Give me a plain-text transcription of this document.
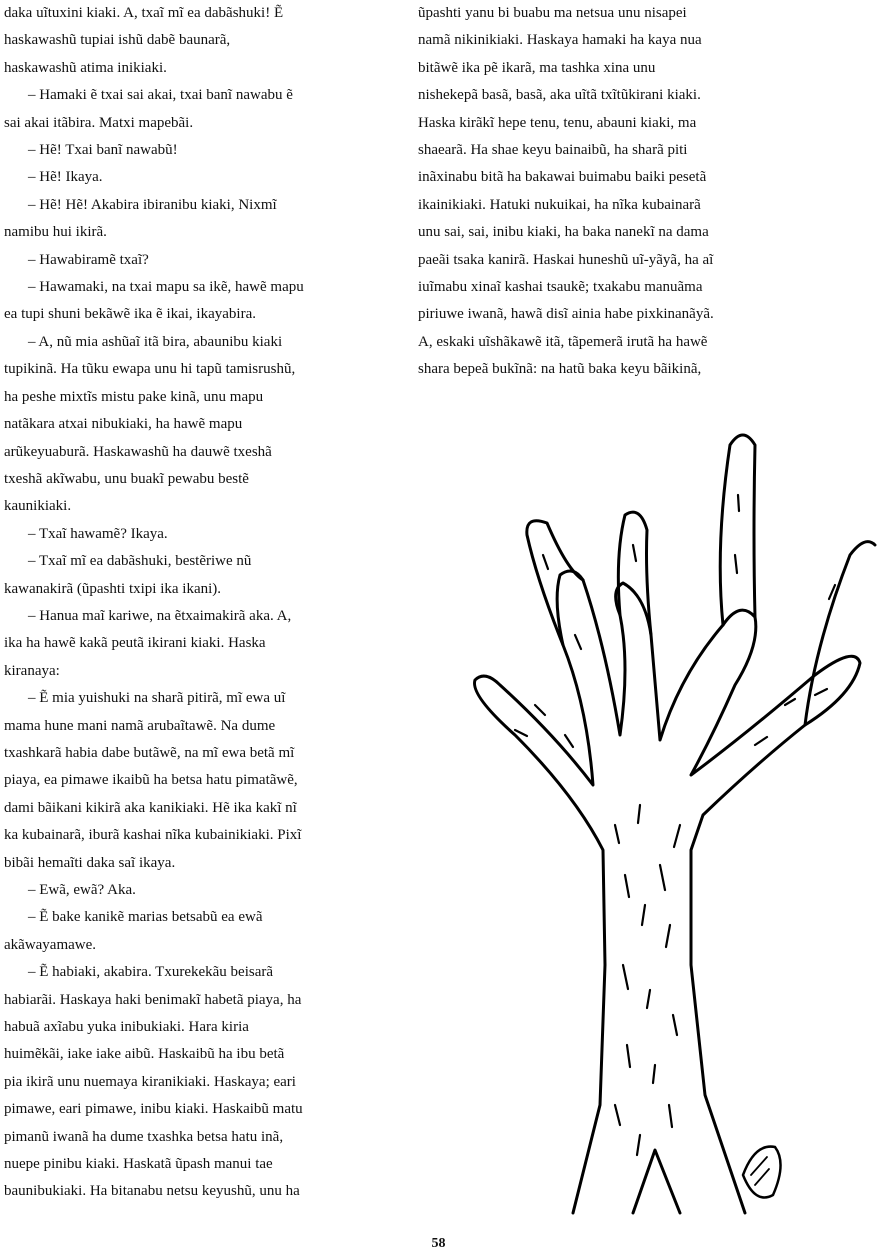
daka uĩtuxini kiaki. A, txaĩ mĩ ea dabãshuki! Ẽ

haskawashũ tupiai ishũ dabẽ baunarã,

haskawashũ atima inikiaki.

– Hamaki ẽ txai sai akai, txai banĩ nawabu ẽ

sai akai itãbira. Matxi mapebãi.

– Hẽ! Txai banĩ nawabũ!

– Hẽ! Ikaya.

– Hẽ! Hẽ! Akabira ibiranibu kiaki, Nixmĩ

namibu hui ikirã.

– Hawabiramẽ txaĩ?

– Hawamaki, na txai mapu sa ikẽ, hawẽ mapu

ea tupi shuni bekãwẽ ika ẽ ikai, ikayabira.

– A, nũ mia ashũaĩ itã bira, abaunibu kiaki

tupikinã. Ha tũku ewapa unu hi tapũ tamisrushũ,

ha peshe mixtĩs mistu pake kinã, unu mapu

natãkara atxai nibukiaki, ha hawẽ mapu

arũkeyuaburã. Haskawashũ ha dauwẽ txeshã

txeshã akĩwabu, unu buakĩ pewabu bestẽ

kaunikiaki.

– Txaĩ hawamẽ? Ikaya.

– Txaĩ mĩ ea dabãshuki, bestẽriwe nũ

kawanakirã (ũpashti txipi ika ikani).

– Hanua maĩ kariwe, na ẽtxaimakirã aka. A,

ika ha hawẽ kakã peutã ikirani kiaki. Haska

kiranaya:

– Ẽ mia yuishuki na sharã pitirã, mĩ ewa uĩ

mama hune mani namã arubaĩtawẽ. Na dume

txashkarã habia dabe butãwẽ, na mĩ ewa betã mĩ

piaya, ea pimawe ikaibũ ha betsa hatu pimatãwẽ,

dami bãikani kikirã aka kanikiaki. Hẽ ika kakĩ nĩ

ka kubainarã, iburã kashai nĩka kubainikiaki. Pixĩ

bibãi hemaĩti daka saĩ ikaya.

– Ewã, ewã? Aka.

– Ẽ bake kanikẽ marias betsabũ ea ewã

akãwayamawe.

– Ẽ habiaki, akabira. Txurekekãu beisarã

habiarãi. Haskaya haki benimakĩ habetã piaya, ha

habuã axĩabu yuka inibukiaki. Hara kiria

huimẽkãi, iake iake aibũ. Haskaibũ ha ibu betã

pia ikirã unu nuemaya kiranikiaki. Haskaya; eari

pimawe, eari pimawe, inibu kiaki. Haskaibũ matu

pimanũ iwanã ha dume txashka betsa hatu inã,

nuepe pinibu kiaki. Haskatã ũpash manui tae

baunibukiaki. Ha bitanabu netsu keyushũ, unu ha

ũpashti yanu bi buabu ma netsua unu nisapei

namã nikinikiaki. Haskaya hamaki ha kaya nua

bitãwẽ ika pẽ ikarã, ma tashka xina unu

nishekepã basã, basã, aka uĩtã txĩtũkirani kiaki.

Haska kirãkĩ hepe tenu, tenu, abauni kiaki, ma

shaearã. Ha shae keyu bainaibũ, ha sharã piti

inãxinabu bitã ha bakawai buimabu baiki pesetã

ikainikiaki. Hatuki nukuikai, ha nĩka kubainarã

unu sai, sai, inibu kiaki, ha baka nanekĩ na dama

paeãi tsaka kanirã. Haskai huneshũ uĩ-yãyã, ha aĩ

iuĩmabu xinaĩ kashai tsaukẽ; txakabu manuãma

piriuwe iwanã, hawã disĩ ainia habe pixkinanãyã.

A, eskaki uĩshãkawẽ itã, tãpemerã irutã ha hawẽ

shara bepeã bukĩnã: na hatũ baka keyu bãikinã,

58
